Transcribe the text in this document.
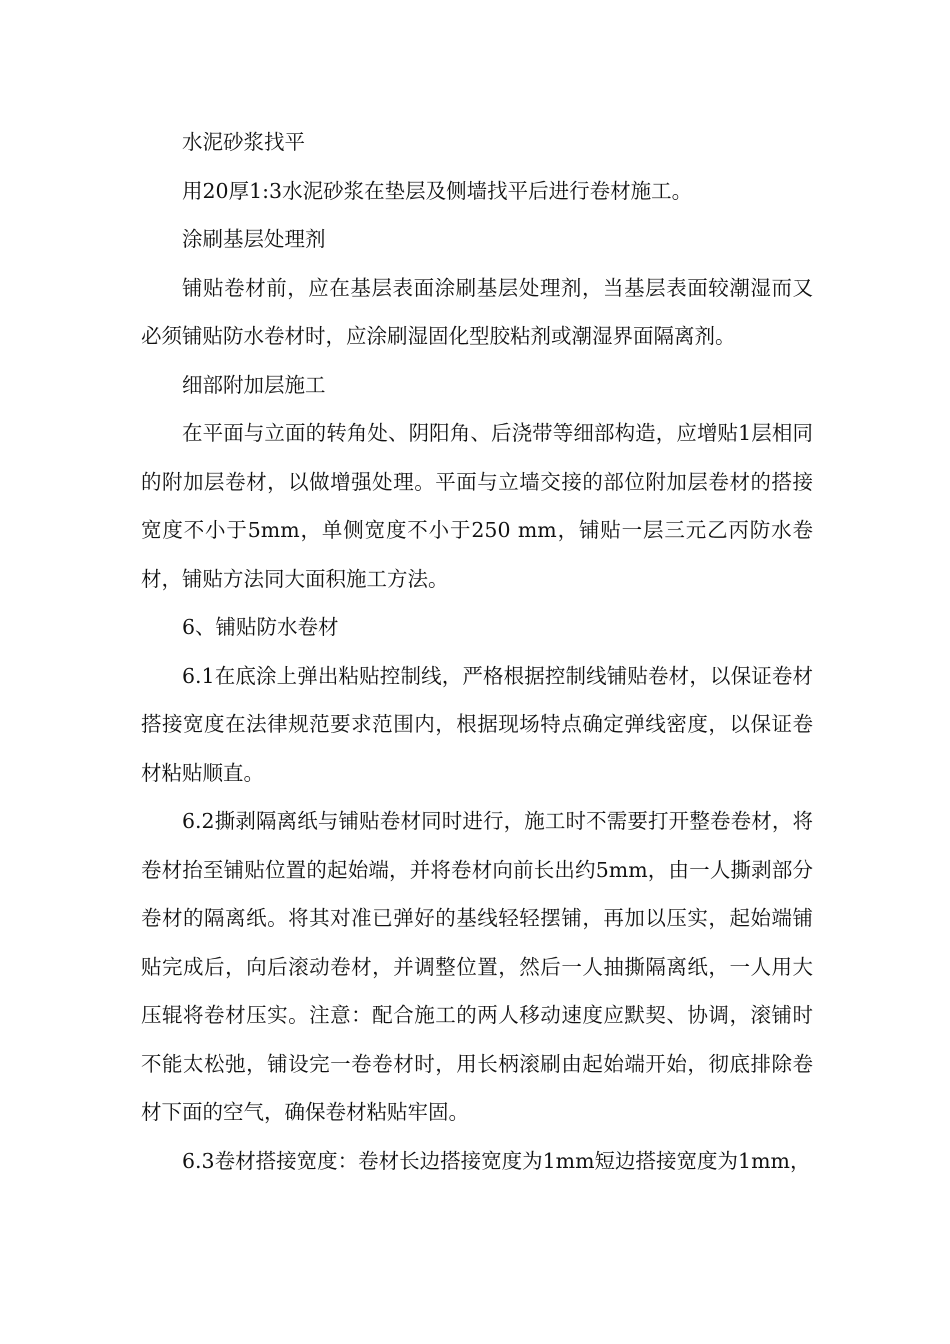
水泥砂浆找平

用20厚1:3水泥砂浆在垫层及侧墙找平后进行卷材施工。

涂刷基层处理剂

铺贴卷材前，应在基层表面涂刷基层处理剂，当基层表面较潮湿而又必须铺贴防水卷材时，应涂刷湿固化型胶粘剂或潮湿界面隔离剂。

细部附加层施工

在平面与立面的转角处、阴阳角、后浇带等细部构造，应增贴1层相同的附加层卷材，以做增强处理。平面与立墙交接的部位附加层卷材的搭接宽度不小于5mm，单侧宽度不小于250 mm，铺贴一层三元乙丙防水卷材，铺贴方法同大面积施工方法。

6、铺贴防水卷材

6.1在底涂上弹出粘贴控制线，严格根据控制线铺贴卷材，以保证卷材搭接宽度在法律规范要求范围内，根据现场特点确定弹线密度，以保证卷材粘贴顺直。

6.2撕剥隔离纸与铺贴卷材同时进行，施工时不需要打开整卷卷材，将卷材抬至铺贴位置的起始端，并将卷材向前长出约5mm，由一人撕剥部分卷材的隔离纸。将其对准已弹好的基线轻轻摆铺，再加以压实，起始端铺贴完成后，向后滚动卷材，并调整位置，然后一人抽撕隔离纸，一人用大压辊将卷材压实。注意：配合施工的两人移动速度应默契、协调，滚铺时不能太松弛，铺设完一卷卷材时，用长柄滚刷由起始端开始，彻底排除卷材下面的空气，确保卷材粘贴牢固。

6.3卷材搭接宽度：卷材长边搭接宽度为1mm短边搭接宽度为1mm，
